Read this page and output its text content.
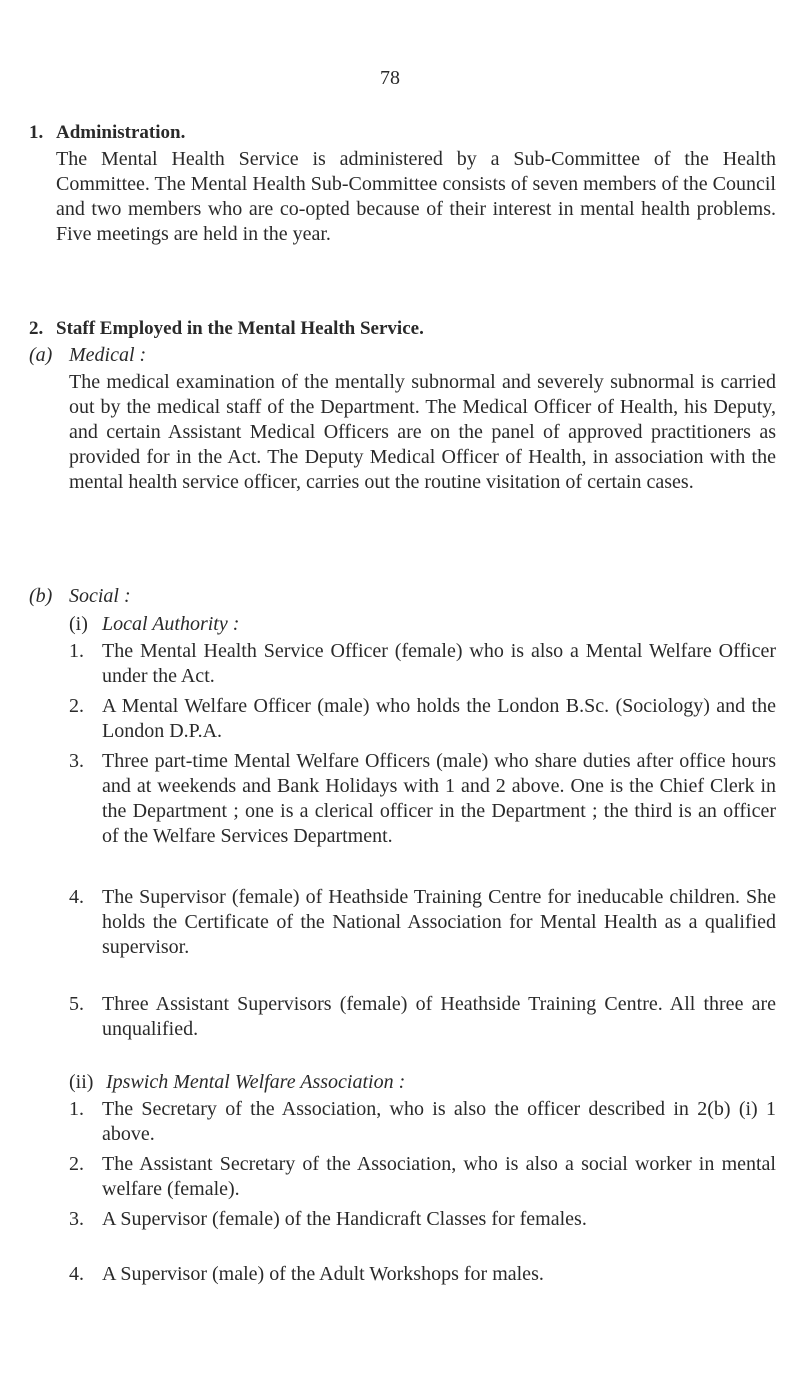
78
1. Administration.
The Mental Health Service is administered by a Sub-Committee of the Health Committee. The Mental Health Sub-Committee consists of seven members of the Council and two members who are co-opted because of their interest in mental health problems. Five meetings are held in the year.
2. Staff Employed in the Mental Health Service.
(a) Medical :
The medical examination of the mentally subnormal and severely subnormal is carried out by the medical staff of the Department. The Medical Officer of Health, his Deputy, and certain Assistant Medical Officers are on the panel of approved practitioners as provided for in the Act. The Deputy Medical Officer of Health, in association with the mental health service officer, carries out the routine visitation of certain cases.
(b) Social :
(i) Local Authority :
1. The Mental Health Service Officer (female) who is also a Mental Welfare Officer under the Act.
2. A Mental Welfare Officer (male) who holds the London B.Sc. (Sociology) and the London D.P.A.
3. Three part-time Mental Welfare Officers (male) who share duties after office hours and at weekends and Bank Holidays with 1 and 2 above. One is the Chief Clerk in the Department ; one is a clerical officer in the Department ; the third is an officer of the Welfare Services Department.
4. The Supervisor (female) of Heathside Training Centre for ineducable children. She holds the Certificate of the National Association for Mental Health as a qualified supervisor.
5. Three Assistant Supervisors (female) of Heathside Training Centre. All three are unqualified.
(ii) Ipswich Mental Welfare Association :
1. The Secretary of the Association, who is also the officer described in 2(b) (i) 1 above.
2. The Assistant Secretary of the Association, who is also a social worker in mental welfare (female).
3. A Supervisor (female) of the Handicraft Classes for females.
4. A Supervisor (male) of the Adult Workshops for males.
